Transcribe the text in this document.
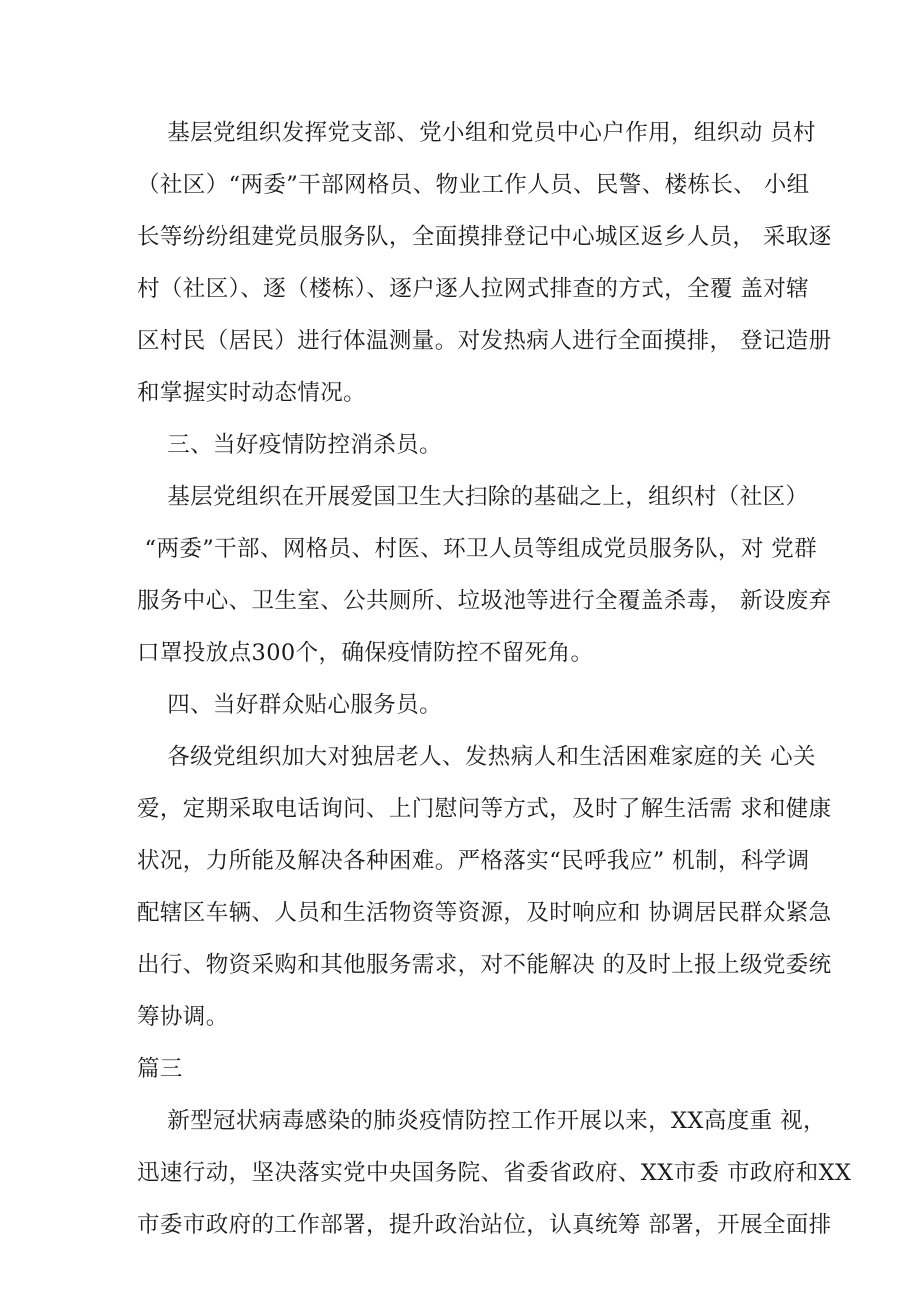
基层党组织发挥党支部、党小组和党员中心户作用，组织动 员村
（社区）“两委”干部网格员、物业工作人员、民警、楼栋长、 小组
长等纷纷组建党员服务队，全面摸排登记中心城区返乡人员， 采取逐
村（社区）、逐（楼栋）、逐户逐人拉网式排查的方式，全覆 盖对辖
区村民（居民）进行体温测量。对发热病人进行全面摸排， 登记造册
和掌握实时动态情况。
三、当好疫情防控消杀员。
基层党组织在开展爱国卫生大扫除的基础之上，组织村（社区）
“两委”干部、网格员、村医、环卫人员等组成党员服务队，对 党群
服务中心、卫生室、公共厕所、垃圾池等进行全覆盖杀毒， 新设废弃
口罩投放点300个，确保疫情防控不留死角。
四、当好群众贴心服务员。
各级党组织加大对独居老人、发热病人和生活困难家庭的关 心关
爱，定期采取电话询问、上门慰问等方式，及时了解生活需 求和健康
状况，力所能及解决各种困难。严格落实“民呼我应” 机制，科学调
配辖区车辆、人员和生活物资等资源，及时响应和 协调居民群众紧急
出行、物资采购和其他服务需求，对不能解决 的及时上报上级党委统
筹协调。
篇三
新型冠状病毒感染的肺炎疫情防控工作开展以来，XX高度重 视，
迅速行动，坚决落实党中央国务院、省委省政府、XX市委 市政府和XX
市委市政府的工作部署，提升政治站位，认真统筹 部署，开展全面排
